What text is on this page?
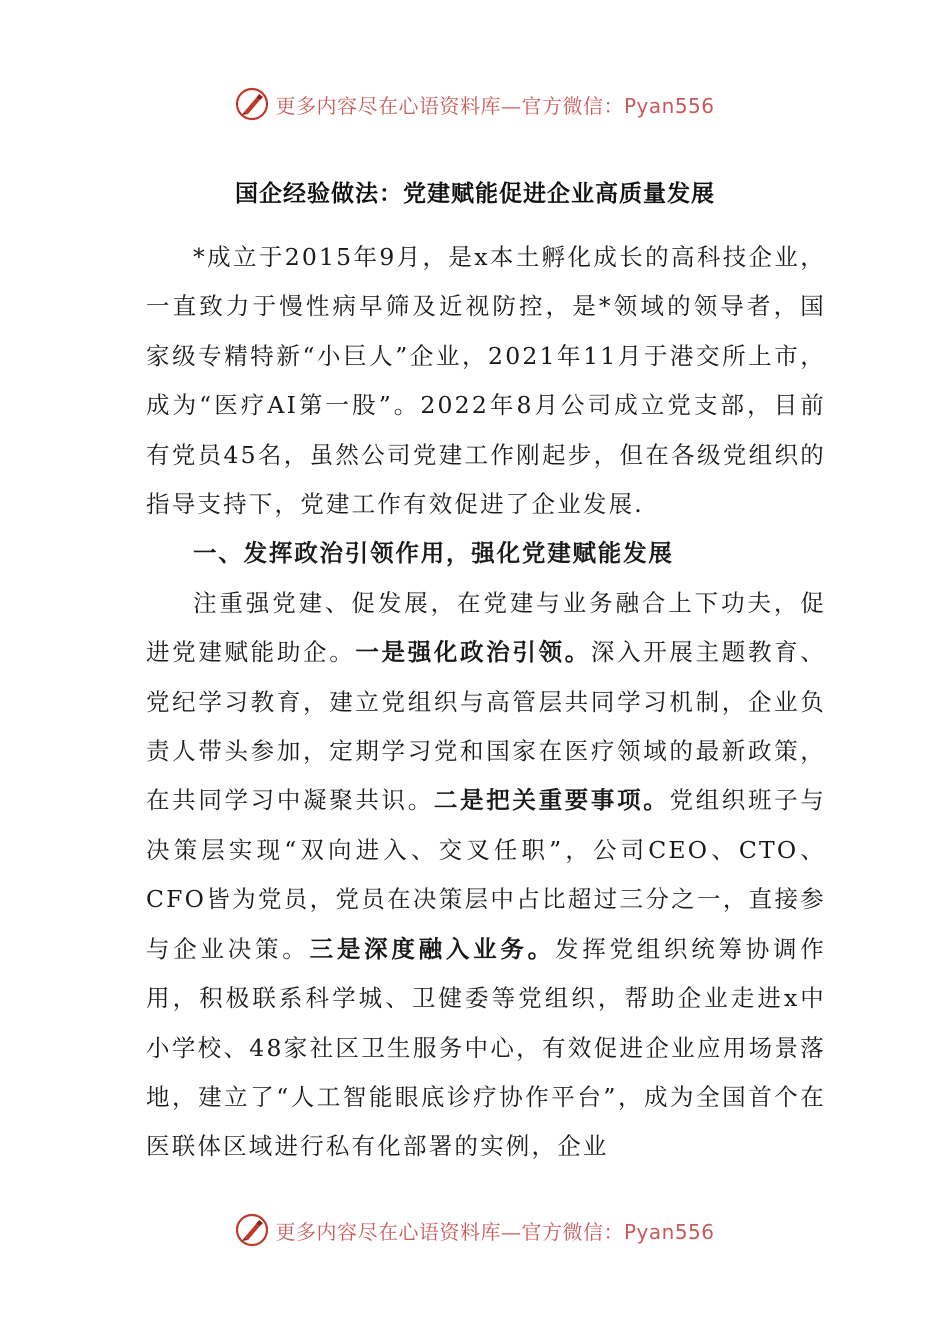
更多内容尽在心语资料库—官方微信：Pyan556
国企经验做法：党建赋能促进企业高质量发展

*成立于2015年9月，是x本土孵化成长的高科技企业，一直致力于慢性病早筛及近视防控，是*领域的领导者，国家级专精特新“小巨人”企业，2021年11月于港交所上市，成为“医疗AI第一股”。2022年8月公司成立党支部，目前有党员45名，虽然公司党建工作刚起步，但在各级党组织的指导支持下，党建工作有效促进了企业发展.

一、发挥政治引领作用，强化党建赋能发展

注重强党建、促发展，在党建与业务融合上下功夫，促进党建赋能助企。一是强化政治引领。深入开展主题教育、党纪学习教育，建立党组织与高管层共同学习机制，企业负责人带头参加，定期学习党和国家在医疗领域的最新政策，在共同学习中凝聚共识。二是把关重要事项。党组织班子与决策层实现“双向进入、交叉任职”，公司CEO、CTO、CFO皆为党员，党员在决策层中占比超过三分之一，直接参与企业决策。三是深度融入业务。发挥党组织统筹协调作用，积极联系科学城、卫健委等党组织，帮助企业走进x中小学校、48家社区卫生服务中心，有效促进企业应用场景落地，建立了“人工智能眼底诊疗协作平台”，成为全国首个在医联体区域进行私有化部署的实例，企业

更多内容尽在心语资料库—官方微信：Pyan556
